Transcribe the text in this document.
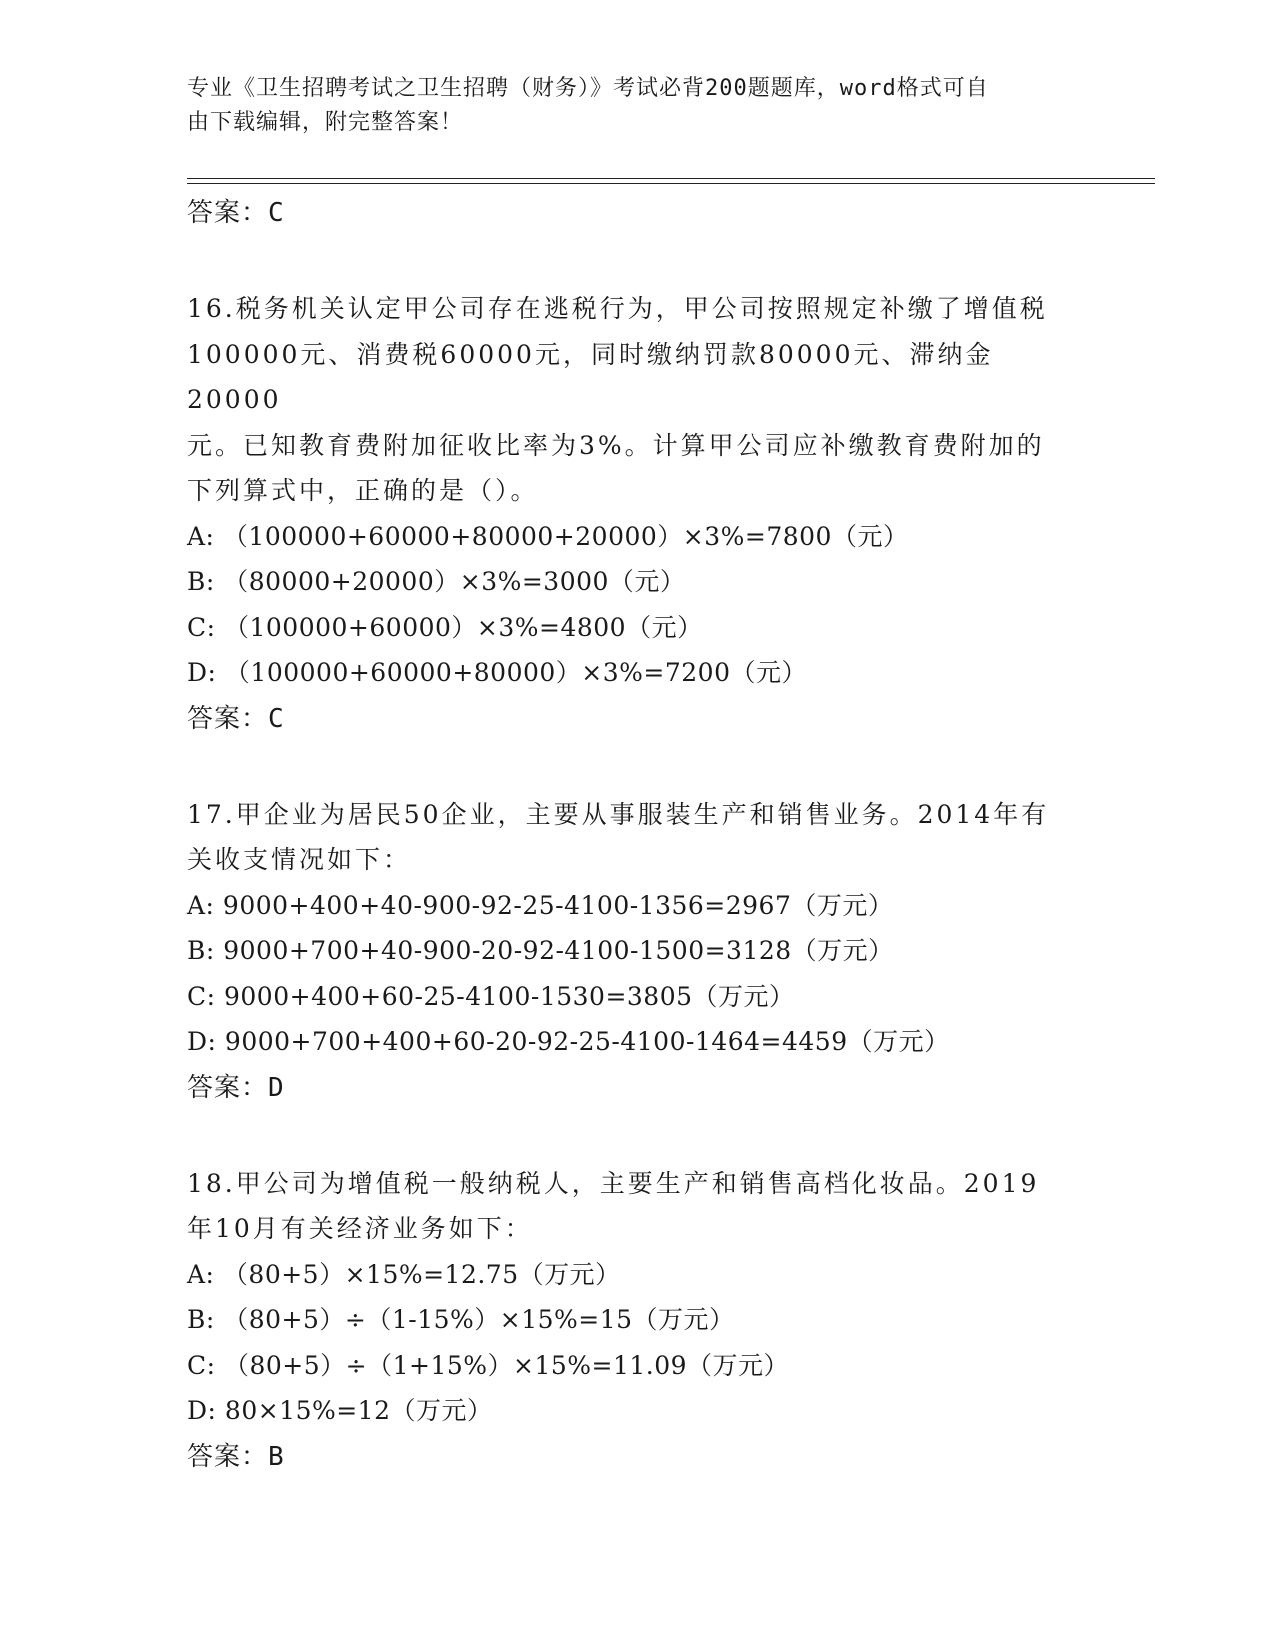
专业《卫生招聘考试之卫生招聘（财务）》考试必背200题题库，word格式可自
由下载编辑，附完整答案！
答案：C
16.税务机关认定甲公司存在逃税行为，甲公司按照规定补缴了增值税
100000元、消费税60000元，同时缴纳罚款80000元、滞纳金20000
元。已知教育费附加征收比率为3%。计算甲公司应补缴教育费附加的
下列算式中，正确的是（）。
A: （100000+60000+80000+20000）×3%=7800（元）
B: （80000+20000）×3%=3000（元）
C: （100000+60000）×3%=4800（元）
D: （100000+60000+80000）×3%=7200（元）
答案：C
17.甲企业为居民50企业，主要从事服装生产和销售业务。2014年有
关收支情况如下：
A: 9000+400+40-900-92-25-4100-1356=2967（万元）
B: 9000+700+40-900-20-92-4100-1500=3128（万元）
C: 9000+400+60-25-4100-1530=3805（万元）
D: 9000+700+400+60-20-92-25-4100-1464=4459（万元）
答案：D
18.甲公司为增值税一般纳税人，主要生产和销售高档化妆品。2019
年10月有关经济业务如下：
A: （80+5）×15%=12.75（万元）
B: （80+5）÷（1-15%）×15%=15（万元）
C: （80+5）÷（1+15%）×15%=11.09（万元）
D: 80×15%=12（万元）
答案：B
